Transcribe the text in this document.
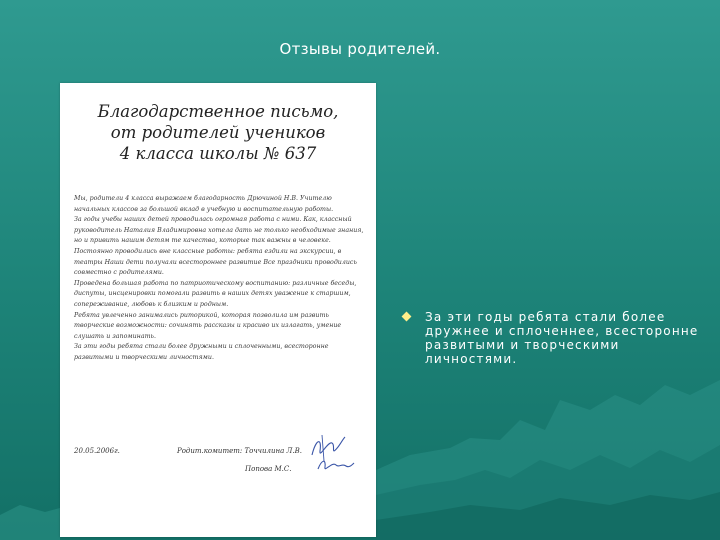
Отзывы родителей.
Благодарственное письмо,
от родителей учеников
4 класса школы № 637

Мы, родители 4 класса выражаем благодарность Дрючиной Н.В. Учителю начальных классов за большой вклад в учебную и воспитательную работы.

За годы учебы наших детей проводилась огромная работа с ними. Как, классный руководитель Наталия Владимировна хотела дать не только необходимые знания, но и привить нашим детям те качества, которые так важны в человеке.

Постоянно проводились вне классные работы: ребята ездили на экскурсии, в театры Наши дети получали всестороннее развитие Все праздники проводились совместно с родителями.

Проведена большая работа по патриотическому воспитанию: различные беседы, диспуты, инсценировки помогали развить в наших детях уважение к старшим, сопереживание, любовь к близким и родным.

Ребята увлеченно занимались риторикой, которая позволила им развить творческие возможности: сочинять рассказы и красиво их излагать, умение слушать и запоминать.

За эти годы ребята стали более дружными и сплоченными, всесторонне развитыми и творческими личностями.

20.05.2006г.	Родит.комитет: Точчилина Л.В.
Попова М.С.
За эти годы ребята стали более дружнее и сплоченнее, всесторонне развитыми и творческими личностями.
